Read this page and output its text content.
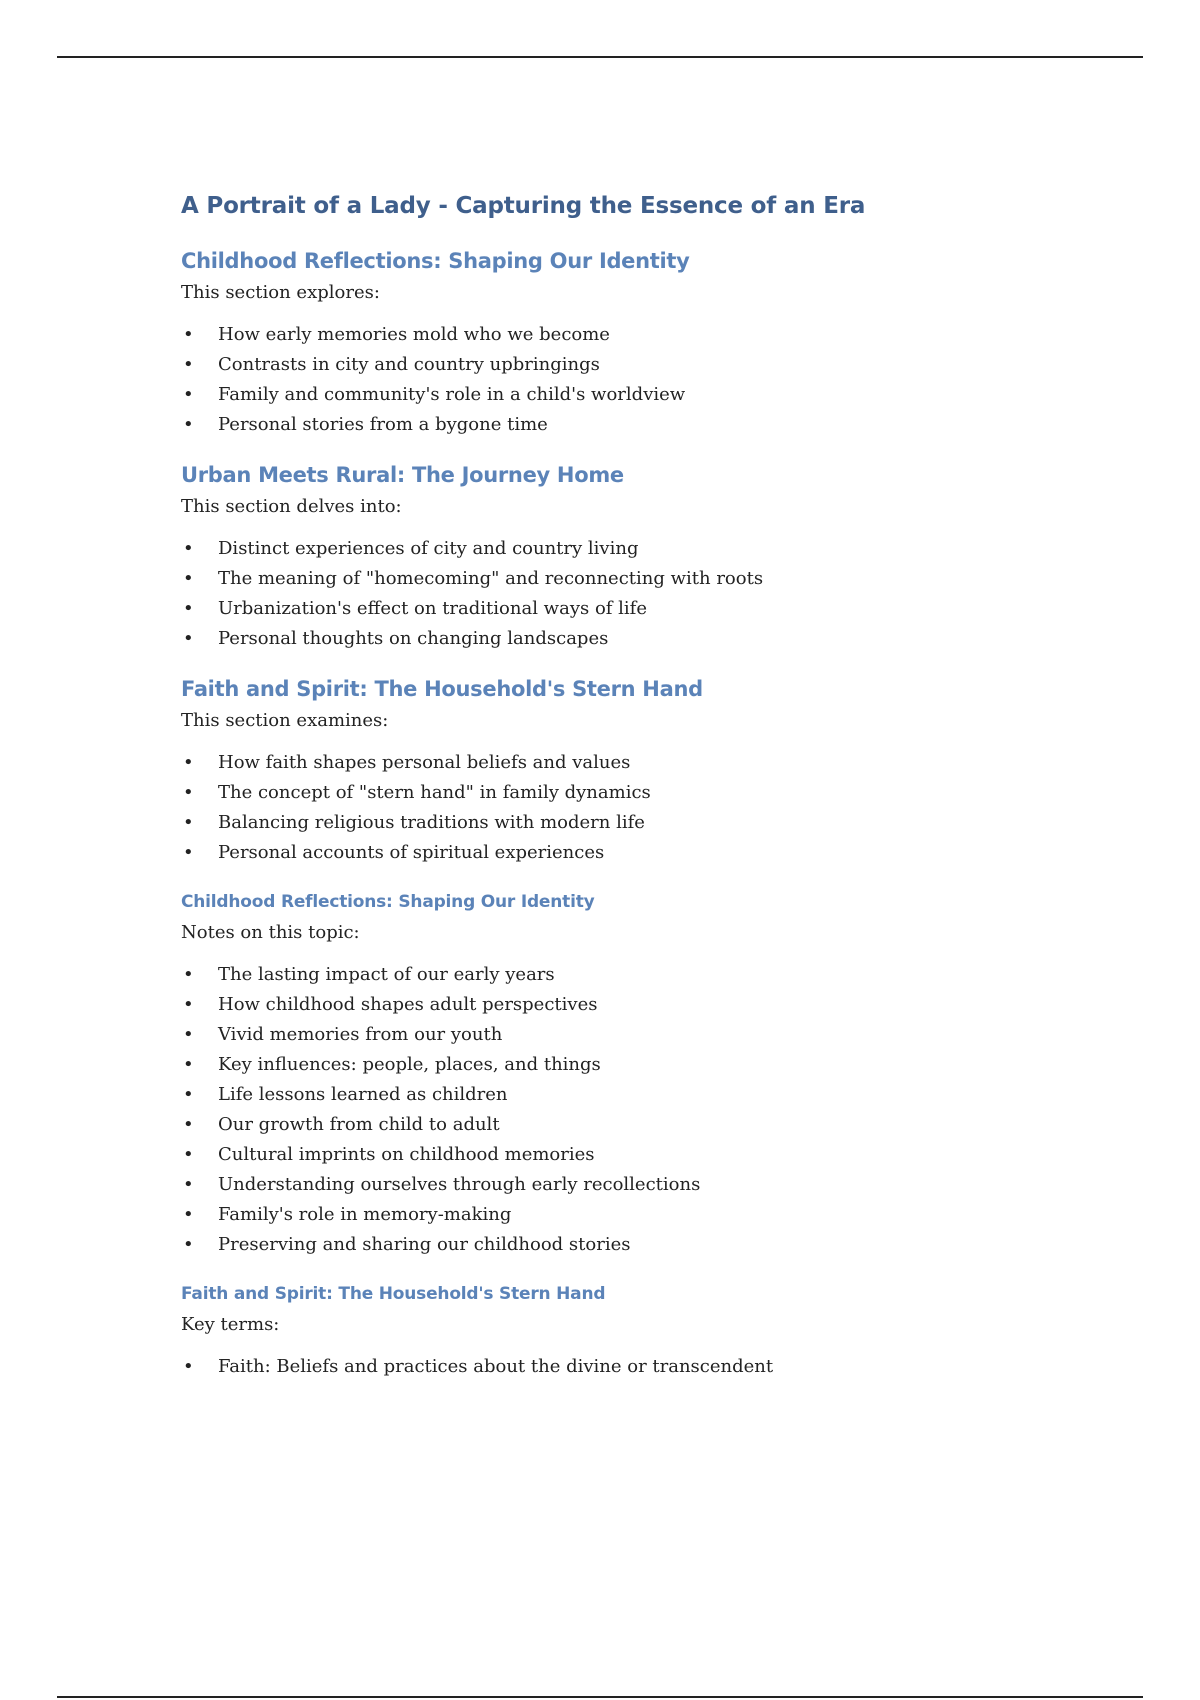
A Portrait of a Lady - Capturing the Essence of an Era
Childhood Reflections: Shaping Our Identity
This section explores:
• How early memories mold who we become
• Contrasts in city and country upbringings
• Family and community's role in a child's worldview
• Personal stories from a bygone time
Urban Meets Rural: The Journey Home
This section delves into:
• Distinct experiences of city and country living
• The meaning of "homecoming" and reconnecting with roots
• Urbanization's effect on traditional ways of life
• Personal thoughts on changing landscapes
Faith and Spirit: The Household's Stern Hand
This section examines:
• How faith shapes personal beliefs and values
• The concept of "stern hand" in family dynamics
• Balancing religious traditions with modern life
• Personal accounts of spiritual experiences
Childhood Reflections: Shaping Our Identity
Notes on this topic:
• The lasting impact of our early years
• How childhood shapes adult perspectives
• Vivid memories from our youth
• Key influences: people, places, and things
• Life lessons learned as children
• Our growth from child to adult
• Cultural imprints on childhood memories
• Understanding ourselves through early recollections
• Family's role in memory-making
• Preserving and sharing our childhood stories
Faith and Spirit: The Household's Stern Hand
Key terms:
• Faith: Beliefs and practices about the divine or transcendent
